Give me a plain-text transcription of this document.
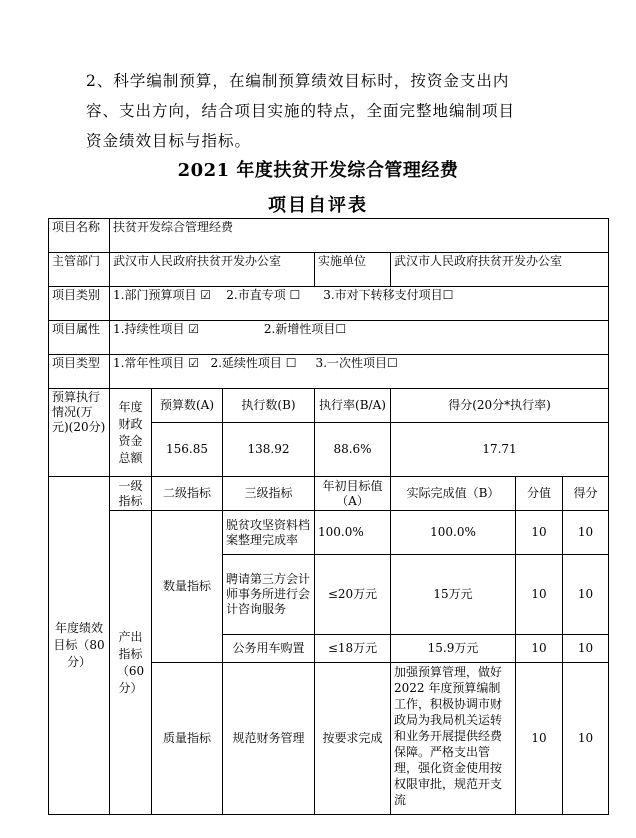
2、科学编制预算，在编制预算绩效目标时，按资金支出内
容、支出方向，结合项目实施的特点，全面完整地编制项目
资金绩效目标与指标。
2021 年度扶贫开发综合管理经费
项目自评表
项目名称	扶贫开发综合管理经费						
主管部门	武汉市人民政府扶贫开发办公室			实施单位	武汉市人民政府扶贫开发办公室		
项目类别	1.部门预算项目 ☑    2.市直专项 ☐      3.市对下转移支付项目☐						
项目属性	1.持续性项目 ☑                 2.新增性项目☐						
项目类型	1.常年性项目 ☑   2.延续性项目 ☐     3.一次性项目☐						
预算执行情况(万元)(20分)	年度财政资金总额	预算数(A)	执行数(B)	执行率(B/A)	得分(20分*执行率)		
		156.85	138.92	88.6%	17.71		
年度绩效目标（80分）	一级指标	二级指标	三级指标	年初目标值（A）	实际完成值（B）	分值	得分
	产出指标（60分）	数量指标	脱贫攻坚资料档案整理完成率	100.0%	100.0%	10	10
			聘请第三方会计师事务所进行会计咨询服务	≤20万元	15万元	10	10
			公务用车购置	≤18万元	15.9万元	10	10
		质量指标	规范财务管理	按要求完成	加强预算管理，做好 2022 年度预算编制工作，积极协调市财政局为我局机关运转和业务开展提供经费保障。严格支出管理，强化资金使用按权限审批，规范开支流	10	10
